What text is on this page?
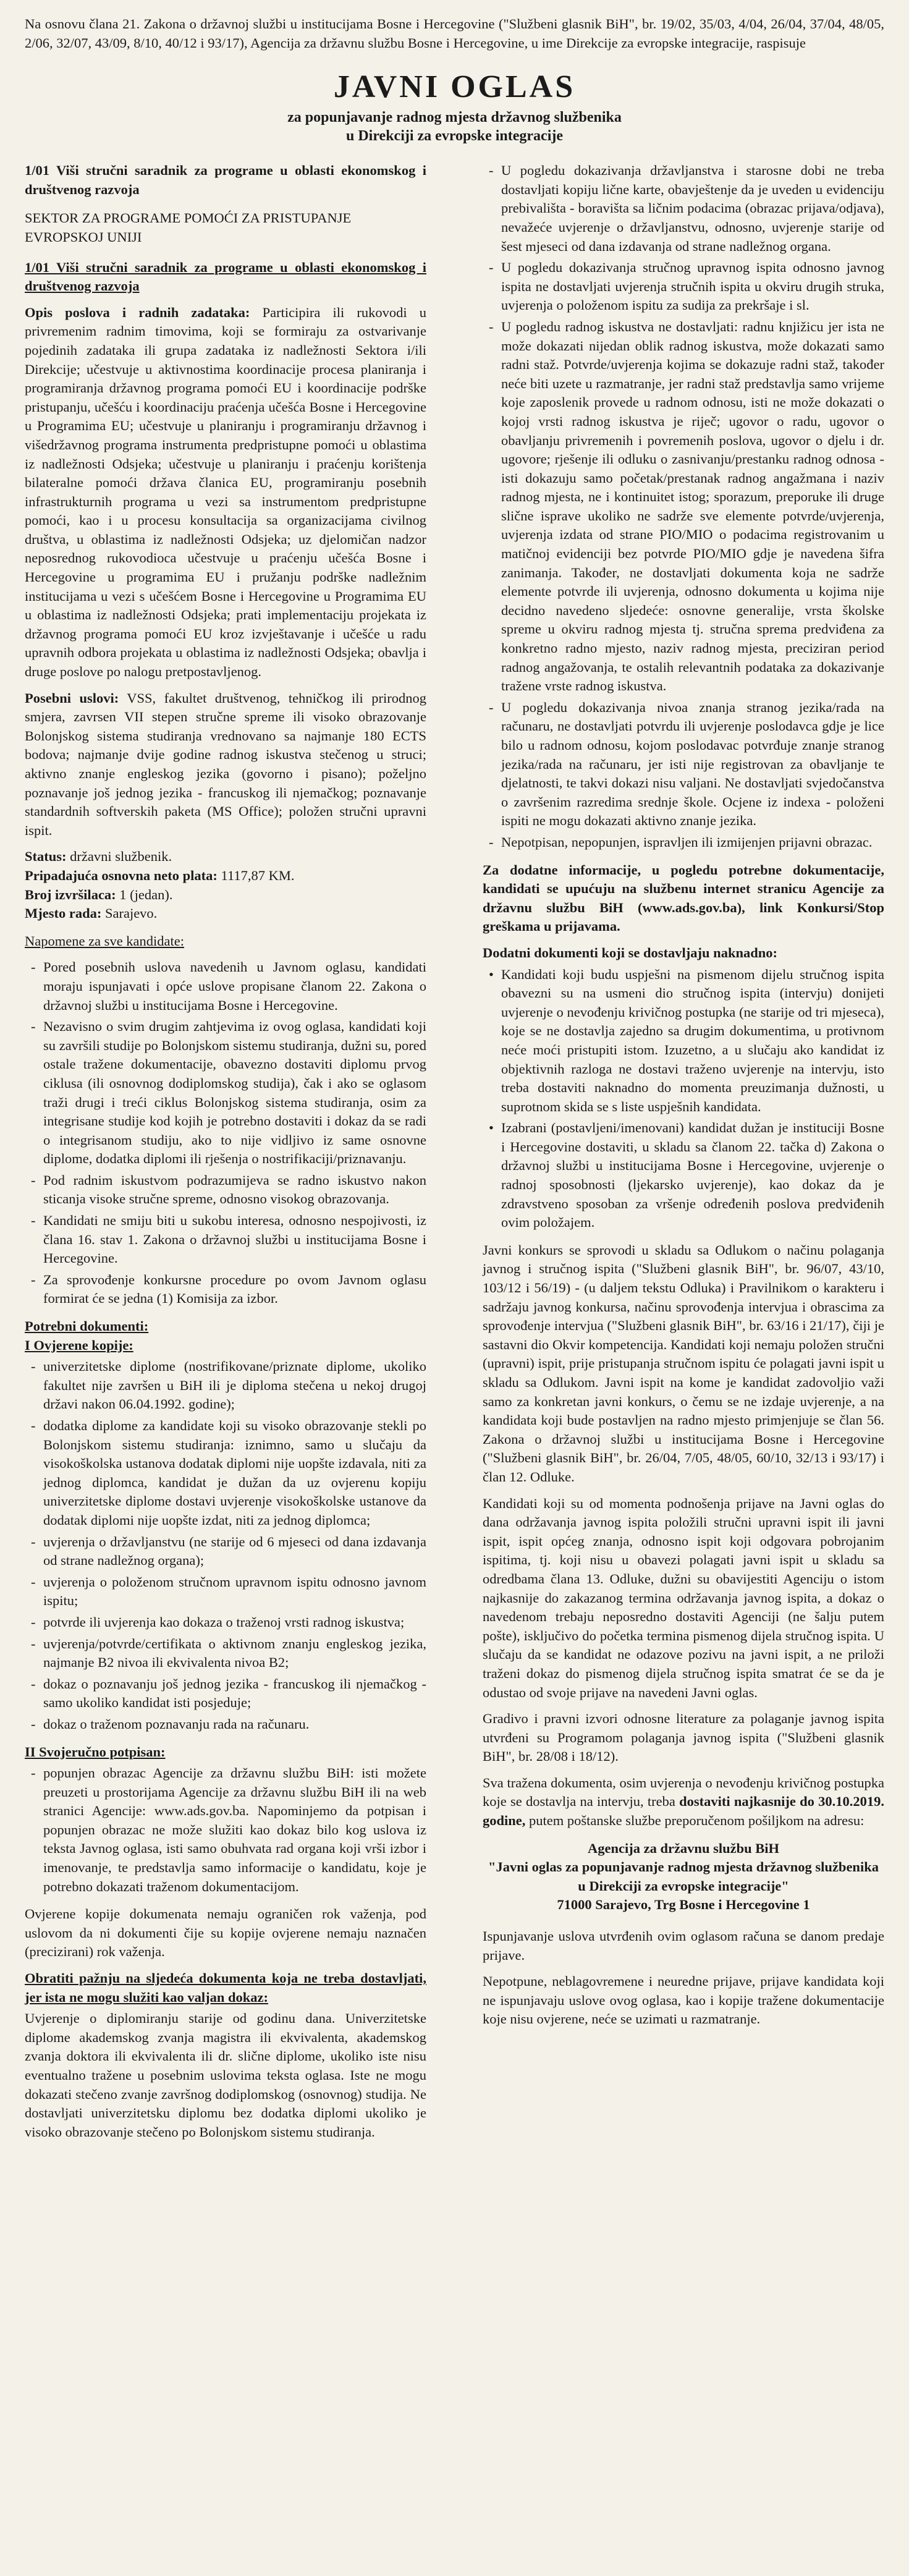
Na osnovu člana 21. Zakona o državnoj službi u institucijama Bosne i Hercegovine ("Službeni glasnik BiH", br. 19/02, 35/03, 4/04, 26/04, 37/04, 48/05, 2/06, 32/07, 43/09, 8/10, 40/12 i 93/17), Agencija za državnu službu Bosne i Hercegovine, u ime Direkcije za evropske integracije, raspisuje

JAVNI OGLAS
za popunjavanje radnog mjesta državnog službenika
u Direkciji za evropske integracije

1/01 Viši stručni saradnik za programe u oblasti ekonomskog i društvenog razvoja

SEKTOR ZA PROGRAME POMOĆI ZA PRISTUPANJE EVROPSKOJ UNIJI

1/01 Viši stručni saradnik za programe u oblasti ekonomskog i društvenog razvoja

Opis poslova i radnih zadataka: Participira ili rukovodi u privremenim radnim timovima, koji se formiraju za ostvarivanje pojedinih zadataka ili grupa zadataka iz nadležnosti Sektora i/ili Direkcije; učestvuje u aktivnostima koordinacije procesa planiranja i programiranja državnog programa pomoći EU i koordinacije podrške pristupanju, učešću i koordinaciju praćenja učešća Bosne i Hercegovine u Programima EU; učestvuje u planiranju i programiranju državnog i višedržavnog programa instrumenta predpristupne pomoći u oblastima iz nadležnosti Odsjeka; učestvuje u planiranju i praćenju korištenja bilateralne pomoći država članica EU, programiranju posebnih infrastrukturnih programa u vezi sa instrumentom predpristupne pomoći, kao i u procesu konsultacija sa organizacijama civilnog društva, u oblastima iz nadležnosti Odsjeka; uz djelomičan nadzor neposrednog rukovodioca učestvuje u praćenju učešća Bosne i Hercegovine u programima EU i pružanju podrške nadležnim institucijama u vezi s učešćem Bosne i Hercegovine u Programima EU u oblastima iz nadležnosti Odsjeka; prati implementaciju projekata iz državnog programa pomoći EU kroz izvještavanje i učešće u radu upravnih odbora projekata u oblastima iz nadležnosti Odsjeka; obavlja i druge poslove po nalogu pretpostavljenog.

Posebni uslovi: VSS, fakultet društvenog, tehničkog ili prirodnog smjera, zavrsen VII stepen stručne spreme ili visoko obrazovanje Bolonjskog sistema studiranja vrednovano sa najmanje 180 ECTS bodova; najmanje dvije godine radnog iskustva stečenog u struci; aktivno znanje engleskog jezika (govorno i pisano); poželjno poznavanje još jednog jezika - francuskog ili njemačkog; poznavanje standardnih softverskih paketa (MS Office); položen stručni upravni ispit.

Status: državni službenik.
Pripadajuća osnovna neto plata: 1117,87 KM.
Broj izvršilaca: 1 (jedan).
Mjesto rada: Sarajevo.

Napomene za sve kandidate:

- Pored posebnih uslova navedenih u Javnom oglasu, kandidati moraju ispunjavati i opće uslove propisane članom 22. Zakona o državnoj službi u institucijama Bosne i Hercegovine.
- Nezavisno o svim drugim zahtjevima iz ovog oglasa, kandidati koji su završili studije po Bolonjskom sistemu studiranja, dužni su, pored ostale tražene dokumentacije, obavezno dostaviti diplomu prvog ciklusa (ili osnovnog dodiplomskog studija), čak i ako se oglasom traži drugi i treći ciklus Bolonjskog sistema studiranja, osim za integrisane studije kod kojih je potrebno dostaviti i dokaz da se radi o integrisanom studiju, ako to nije vidljivo iz same osnovne diplome, dodatka diplomi ili rješenja o nostrifikaciji/priznavanju.
- Pod radnim iskustvom podrazumijeva se radno iskustvo nakon sticanja visoke stručne spreme, odnosno visokog obrazovanja.
- Kandidati ne smiju biti u sukobu interesa, odnosno nespojivosti, iz člana 16. stav 1. Zakona o državnoj službi u institucijama Bosne i Hercegovine.
- Za sprovođenje konkursne procedure po ovom Javnom oglasu formirat će se jedna (1) Komisija za izbor.

Potrebni dokumenti:

I Ovjerene kopije:

- univerzitetske diplome (nostrifikovane/priznate diplome, ukoliko fakultet nije završen u BiH ili je diploma stečena u nekoj drugoj državi nakon 06.04.1992. godine);
- dodatka diplome za kandidate koji su visoko obrazovanje stekli po Bolonjskom sistemu studiranja: iznimno, samo u slučaju da visokoškolska ustanova dodatak diplomi nije uopšte izdavala, niti za jednog diplomca, kandidat je dužan da uz ovjerenu kopiju univerzitetske diplome dostavi uvjerenje visokoškolske ustanove da dodatak diplomi nije uopšte izdat, niti za jednog diplomca;
- uvjerenja o državljanstvu (ne starije od 6 mjeseci od dana izdavanja od strane nadležnog organa);
- uvjerenja o položenom stručnom upravnom ispitu odnosno javnom ispitu;
- potvrde ili uvjerenja kao dokaza o traženoj vrsti radnog iskustva;
- uvjerenja/potvrde/certifikata o aktivnom znanju engleskog jezika, najmanje B2 nivoa ili ekvivalenta nivoa B2;
- dokaz o poznavanju još jednog jezika - francuskog ili njemačkog - samo ukoliko kandidat isti posjeduje;
- dokaz o traženom poznavanju rada na računaru.

II Svojeručno potpisan:

- popunjen obrazac Agencije za državnu službu BiH: isti možete preuzeti u prostorijama Agencije za državnu službu BiH ili na web stranici Agencije: www.ads.gov.ba. Napominjemo da potpisan i popunjen obrazac ne može služiti kao dokaz bilo kog uslova iz teksta Javnog oglasa, isti samo obuhvata rad organa koji vrši izbor i imenovanje, te predstavlja samo informacije o kandidatu, koje je potrebno dokazati traženom dokumentacijom.

Ovjerene kopije dokumenata nemaju ograničen rok važenja, pod uslovom da ni dokumenti čije su kopije ovjerene nemaju naznačen (precizirani) rok važenja.

Obratiti pažnju na sljedeća dokumenta koja ne treba dostavljati, jer ista ne mogu služiti kao valjan dokaz:

Uvjerenje o diplomiranju starije od godinu dana. Univerzitetske diplome akademskog zvanja magistra ili ekvivalenta, akademskog zvanja doktora ili ekvivalenta ili dr. slične diplome, ukoliko iste nisu eventualno tražene u posebnim uslovima teksta oglasa. Iste ne mogu dokazati stečeno zvanje završnog dodiplomskog (osnovnog) studija. Ne dostavljati univerzitetsku diplomu bez dodatka diplomi ukoliko je visoko obrazovanje stečeno po Bolonjskom sistemu studiranja.

- U pogledu dokazivanja državljanstva i starosne dobi ne treba dostavljati kopiju lične karte, obavještenje da je uveden u evidenciju prebivališta - boravišta sa ličnim podacima (obrazac prijava/odjava), nevažeće uvjerenje o državljanstvu, odnosno, uvjerenje starije od šest mjeseci od dana izdavanja od strane nadležnog organa.
- U pogledu dokazivanja stručnog upravnog ispita odnosno javnog ispita ne dostavljati uvjerenja stručnih ispita u okviru drugih struka, uvjerenja o položenom ispitu za sudija za prekršaje i sl.
- U pogledu radnog iskustva ne dostavljati: radnu knjižicu jer ista ne može dokazati nijedan oblik radnog iskustva, može dokazati samo radni staž. Potvrde/uvjerenja kojima se dokazuje radni staž, također neće biti uzete u razmatranje, jer radni staž predstavlja samo vrijeme koje zaposlenik provede u radnom odnosu, isti ne može dokazati o kojoj vrsti radnog iskustva je riječ; ugovor o radu, ugovor o obavljanju privremenih i povremenih poslova, ugovor o djelu i dr. ugovore; rješenje ili odluku o zasnivanju/prestanku radnog odnosa - isti dokazuju samo početak/prestanak radnog angažmana i naziv radnog mjesta, ne i kontinuitet istog; sporazum, preporuke ili druge slične isprave ukoliko ne sadrže sve elemente potvrde/uvjerenja, uvjerenja izdata od strane PIO/MIO o podacima registrovanim u matičnoj evidenciji bez potvrde PIO/MIO gdje je navedena šifra zanimanja. Također, ne dostavljati dokumenta koja ne sadrže elemente potvrde ili uvjerenja, odnosno dokumenta u kojima nije decidno navedeno sljedeće: osnovne generalije, vrsta školske spreme u okviru radnog mjesta tj. stručna sprema predviđena za konkretno radno mjesto, naziv radnog mjesta, preciziran period radnog angažovanja, te ostalih relevantnih podataka za dokazivanje tražene vrste radnog iskustva.
- U pogledu dokazivanja nivoa znanja stranog jezika/rada na računaru, ne dostavljati potvrdu ili uvjerenje poslodavca gdje je lice bilo u radnom odnosu, kojom poslodavac potvrđuje znanje stranog jezika/rada na računaru, jer isti nije registrovan za obavljanje te djelatnosti, te takvi dokazi nisu valjani. Ne dostavljati svjedočanstva o završenim razredima srednje škole. Ocjene iz indexa - položeni ispiti ne mogu dokazati aktivno znanje jezika.
- Nepotpisan, nepopunjen, ispravljen ili izmijenjen prijavni obrazac.

Za dodatne informacije, u pogledu potrebne dokumentacije, kandidati se upućuju na službenu internet stranicu Agencije za državnu službu BiH (www.ads.gov.ba), link Konkursi/Stop greškama u prijavama.

Dodatni dokumenti koji se dostavljaju naknadno:

• Kandidati koji budu uspješni na pismenom dijelu stručnog ispita obavezni su na usmeni dio stručnog ispita (intervju) donijeti uvjerenje o nevođenju krivičnog postupka (ne starije od tri mjeseca), koje se ne dostavlja zajedno sa drugim dokumentima, u protivnom neće moći pristupiti istom. Izuzetno, a u slučaju ako kandidat iz objektivnih razloga ne dostavi traženo uvjerenje na intervju, isto treba dostaviti naknadno do momenta preuzimanja dužnosti, u suprotnom skida se s liste uspješnih kandidata.
• Izabrani (postavljeni/imenovani) kandidat dužan je instituciji Bosne i Hercegovine dostaviti, u skladu sa članom 22. tačka d) Zakona o državnoj službi u institucijama Bosne i Hercegovine, uvjerenje o radnoj sposobnosti (ljekarsko uvjerenje), kao dokaz da je zdravstveno sposoban za vršenje određenih poslova predviđenih ovim položajem.

Javni konkurs se sprovodi u skladu sa Odlukom o načinu polaganja javnog i stručnog ispita ("Službeni glasnik BiH", br. 96/07, 43/10, 103/12 i 56/19) - (u daljem tekstu Odluka) i Pravilnikom o karakteru i sadržaju javnog konkursa, načinu sprovođenja intervjua i obrascima za sprovođenje intervjua ("Službeni glasnik BiH", br. 63/16 i 21/17), čiji je sastavni dio Okvir kompetencija. Kandidati koji nemaju položen stručni (upravni) ispit, prije pristupanja stručnom ispitu će polagati javni ispit u skladu sa Odlukom. Javni ispit na kome je kandidat zadovoljio važi samo za konkretan javni konkurs, o čemu se ne izdaje uvjerenje, a na kandidata koji bude postavljen na radno mjesto primjenjuje se član 56. Zakona o državnoj službi u institucijama Bosne i Hercegovine ("Službeni glasnik BiH", br. 26/04, 7/05, 48/05, 60/10, 32/13 i 93/17) i član 12. Odluke.

Kandidati koji su od momenta podnošenja prijave na Javni oglas do dana održavanja javnog ispita položili stručni upravni ispit ili javni ispit, ispit općeg znanja, odnosno ispit koji odgovara pobrojanim ispitima, tj. koji nisu u obavezi polagati javni ispit u skladu sa odredbama člana 13. Odluke, dužni su obavijestiti Agenciju o istom najkasnije do zakazanog termina održavanja javnog ispita, a dokaz o navedenom trebaju neposredno dostaviti Agenciji (ne šalju putem pošte), isključivo do početka termina pismenog dijela stručnog ispita. U slučaju da se kandidat ne odazove pozivu na javni ispit, a ne priloži traženi dokaz do pismenog dijela stručnog ispita smatrat će se da je odustao od svoje prijave na navedeni Javni oglas.

Gradivo i pravni izvori odnosne literature za polaganje javnog ispita utvrđeni su Programom polaganja javnog ispita ("Službeni glasnik BiH", br. 28/08 i 18/12).

Sva tražena dokumenta, osim uvjerenja o nevođenju krivičnog postupka koje se dostavlja na intervju, treba dostaviti najkasnije do 30.10.2019. godine, putem poštanske službe preporučenom pošiljkom na adresu:

Agencija za državnu službu BiH
"Javni oglas za popunjavanje radnog mjesta državnog službenika u Direkciji za evropske integracije"
71000 Sarajevo, Trg Bosne i Hercegovine 1

Ispunjavanje uslova utvrđenih ovim oglasom računa se danom predaje prijave.

Nepotpune, neblagovremene i neuredne prijave, prijave kandidata koji ne ispunjavaju uslove ovog oglasa, kao i kopije tražene dokumentacije koje nisu ovjerene, neće se uzimati u razmatranje.
